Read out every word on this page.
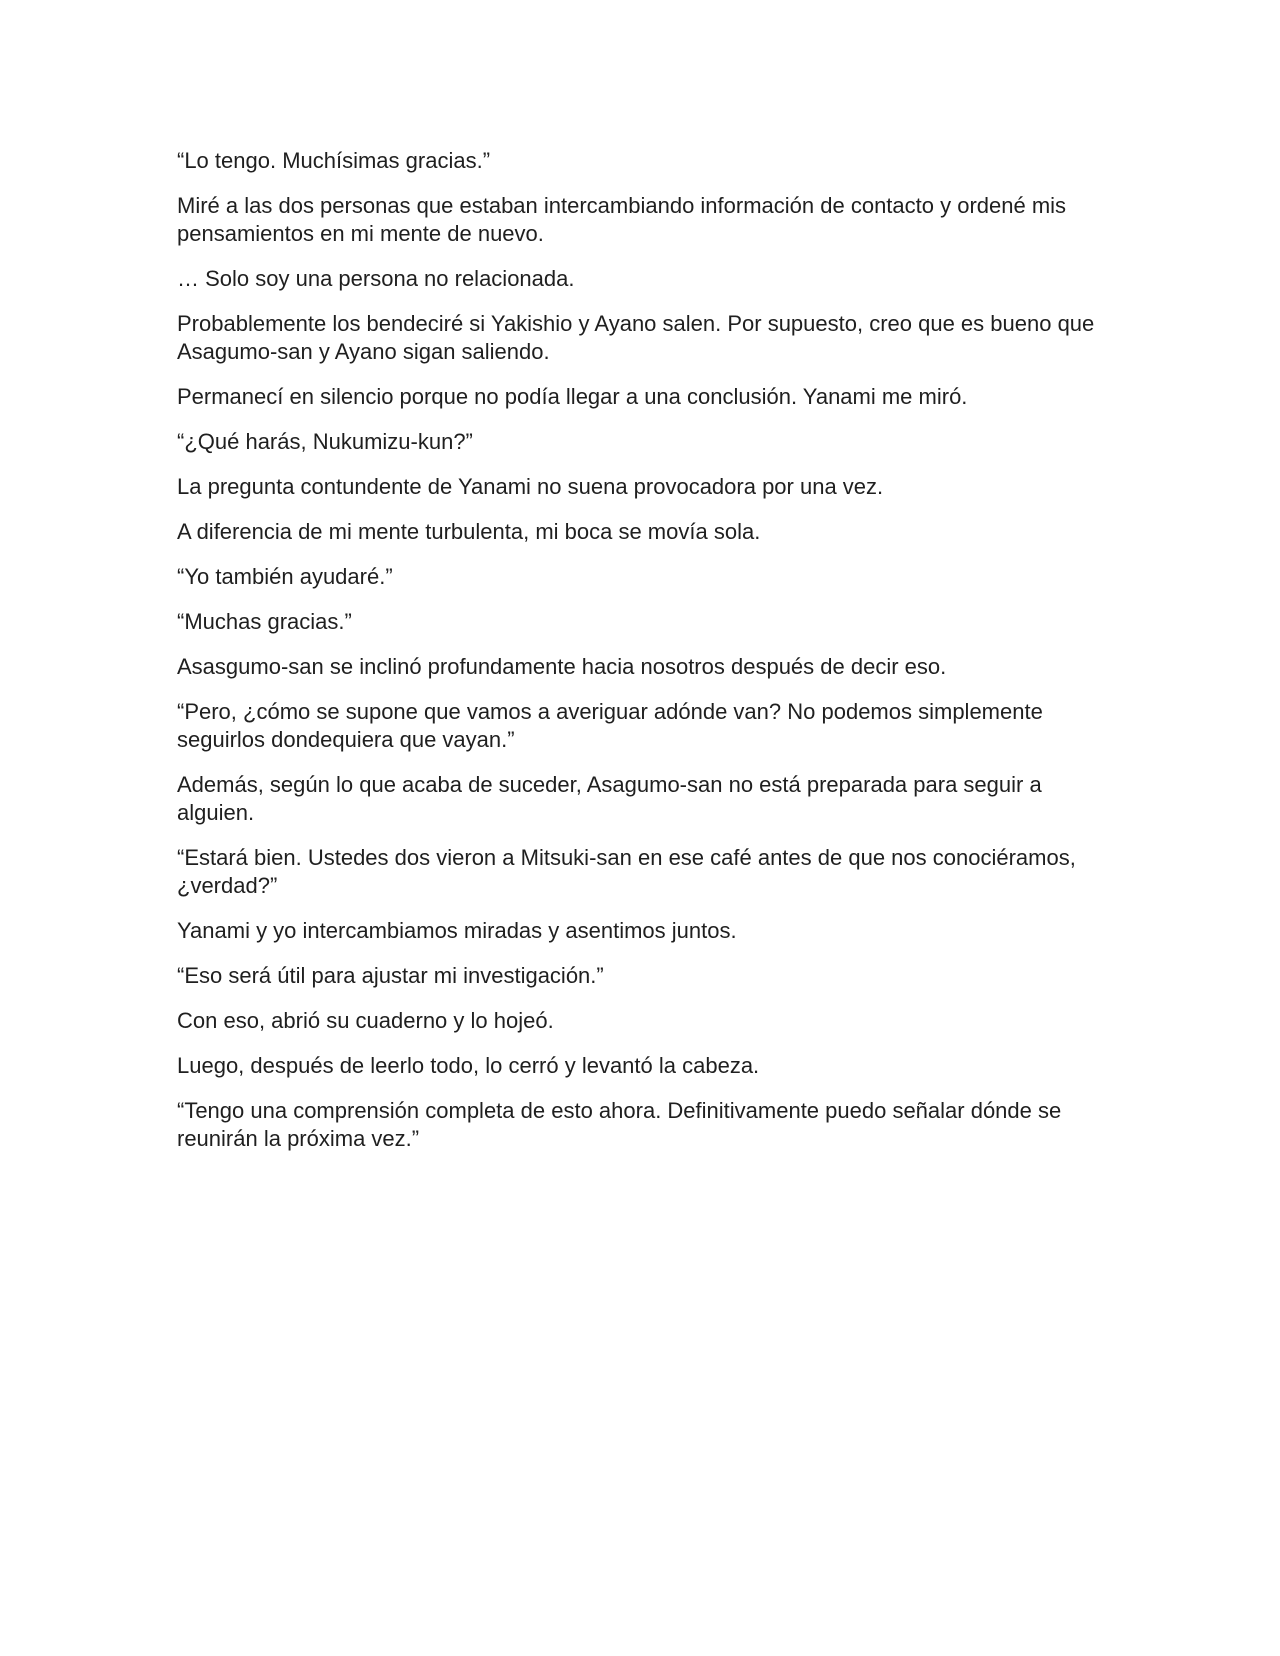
“Lo tengo. Muchísimas gracias.”

Miré a las dos personas que estaban intercambiando información de contacto y ordené mis pensamientos en mi mente de nuevo.

… Solo soy una persona no relacionada.

Probablemente los bendeciré si Yakishio y Ayano salen. Por supuesto, creo que es bueno que Asagumo-san y Ayano sigan saliendo.

Permanecí en silencio porque no podía llegar a una conclusión. Yanami me miró.

“¿Qué harás, Nukumizu-kun?”

La pregunta contundente de Yanami no suena provocadora por una vez.

A diferencia de mi mente turbulenta, mi boca se movía sola.

“Yo también ayudaré.”

“Muchas gracias.”

Asasgumo-san se inclinó profundamente hacia nosotros después de decir eso.

“Pero, ¿cómo se supone que vamos a averiguar adónde van? No podemos simplemente seguirlos dondequiera que vayan.”

Además, según lo que acaba de suceder, Asagumo-san no está preparada para seguir a alguien.

“Estará bien. Ustedes dos vieron a Mitsuki-san en ese café antes de que nos conociéramos, ¿verdad?”

Yanami y yo intercambiamos miradas y asentimos juntos.

“Eso será útil para ajustar mi investigación.”

Con eso, abrió su cuaderno y lo hojeó.

Luego, después de leerlo todo, lo cerró y levantó la cabeza.

“Tengo una comprensión completa de esto ahora. Definitivamente puedo señalar dónde se reunirán la próxima vez.”
